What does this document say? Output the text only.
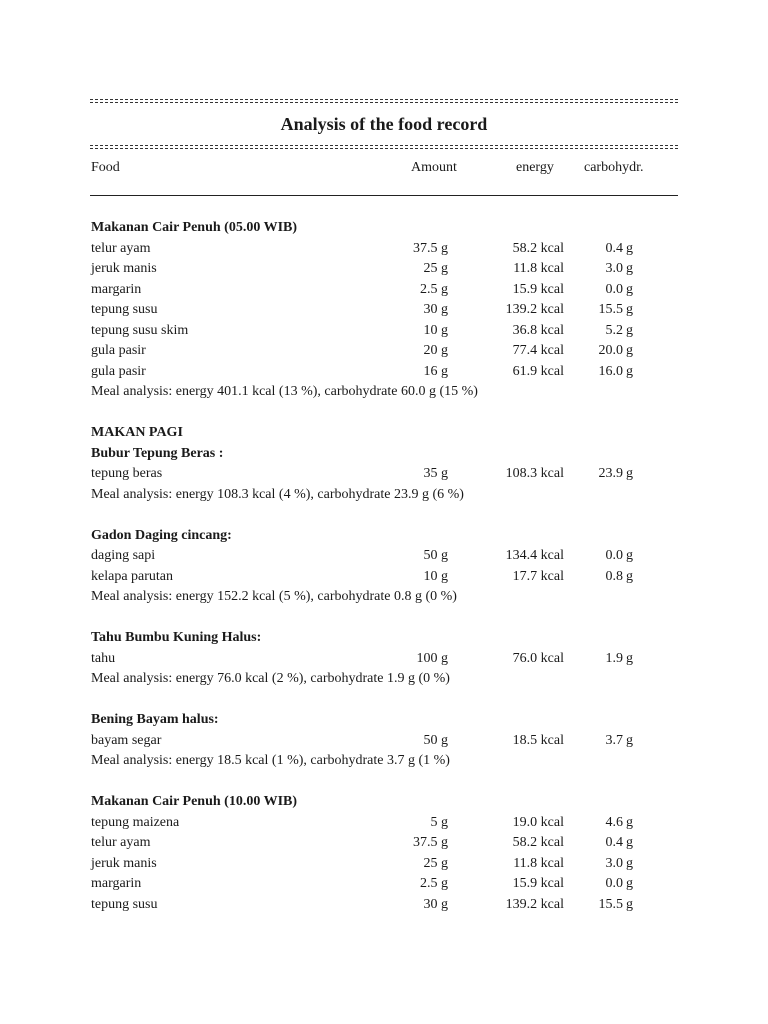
Analysis of the food record
Food	Amount	energy carbohydr.
Makanan Cair Penuh (05.00 WIB)
telur ayam	37.5 g	58.2 kcal	0.4 g
jeruk manis	25 g	11.8 kcal	3.0 g
margarin	2.5 g	15.9 kcal	0.0 g
tepung susu	30 g	139.2 kcal 15.5 g
tepung susu skim	10 g	36.8 kcal	5.2 g
gula pasir	20 g	77.4 kcal 20.0 g
gula pasir	16 g	61.9 kcal 16.0 g
Meal analysis: energy 401.1 kcal (13 %), carbohydrate 60.0 g (15 %)
MAKAN PAGI
Bubur Tepung Beras :
tepung beras	35 g	108.3 kcal 23.9 g
Meal analysis: energy 108.3 kcal (4 %), carbohydrate 23.9 g (6 %)
Gadon Daging cincang:
daging sapi	50 g	134.4 kcal	0.0 g
kelapa parutan	10 g	17.7 kcal	0.8 g
Meal analysis: energy 152.2 kcal (5 %), carbohydrate 0.8 g (0 %)
Tahu Bumbu Kuning Halus:
tahu	100 g	76.0 kcal	1.9 g
Meal analysis: energy 76.0 kcal (2 %), carbohydrate 1.9 g (0 %)
Bening Bayam halus:
bayam segar	50 g	18.5 kcal	3.7 g
Meal analysis: energy 18.5 kcal (1 %), carbohydrate 3.7 g (1 %)
Makanan Cair Penuh (10.00 WIB)
tepung maizena	5 g	19.0 kcal	4.6 g
telur ayam	37.5 g	58.2 kcal	0.4 g
jeruk manis	25 g	11.8 kcal	3.0 g
margarin	2.5 g	15.9 kcal	0.0 g
tepung susu	30 g	139.2 kcal 15.5 g
